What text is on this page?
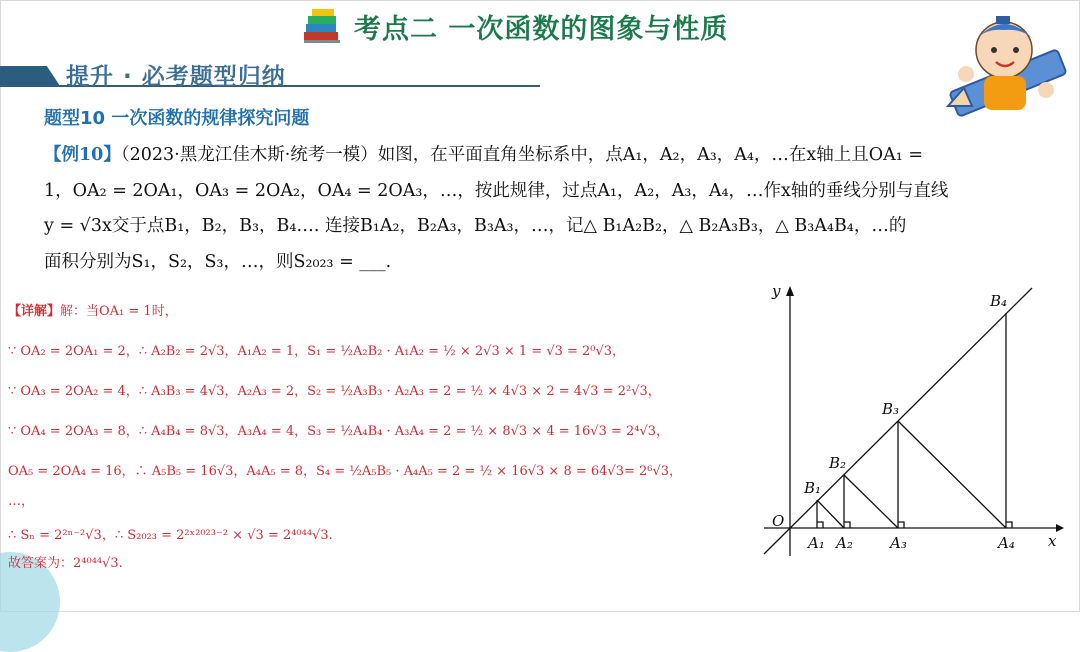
考点二 一次函数的图象与性质
提升 · 必考题型归纳
题型10 一次函数的规律探究问题
【例10】（2023·黑龙江佳木斯·统考一模）如图，在平面直角坐标系中，点A₁，A₂，A₃，A₄，…在x轴上且OA₁ =
1，OA₂ = 2OA₁，OA₃ = 2OA₂，OA₄ = 2OA₃，…，按此规律，过点A₁，A₂，A₃，A₄，…作x轴的垂线分别与直线
y = √3x交于点B₁，B₂，B₃，B₄…. 连接B₁A₂，B₂A₃，B₃A₃，…，记△ B₁A₂B₂，△ B₂A₃B₃，△ B₃A₄B₄，…的
面积分别为S₁，S₂，S₃，…，则S₂₀₂₃ = ___.
【详解】解：当OA₁ = 1时，
∵ OA₂ = 2OA₁ = 2，∴ A₂B₂ = 2√3，A₁A₂ = 1，S₁ = ½A₂B₂ · A₁A₂ = ½ × 2√3 × 1 = √3 = 2⁰√3，
∵ OA₃ = 2OA₂ = 4，∴ A₃B₃ = 4√3，A₂A₃ = 2，S₂ = ½A₃B₃ · A₂A₃ = 2 = ½ × 4√3 × 2 = 4√3 = 2²√3，
∵ OA₄ = 2OA₃ = 8，∴ A₄B₄ = 8√3，A₃A₄ = 4，S₃ = ½A₄B₄ · A₃A₄ = 2 = ½ × 8√3 × 4 = 16√3 = 2⁴√3，
OA₅ = 2OA₄ = 16，∴ A₅B₅ = 16√3，A₄A₅ = 8，S₄ = ½A₅B₅ · A₄A₅ = 2 = ½ × 16√3 × 8 = 64√3= 2⁶√3，
…，
∴ Sₙ = 2²ⁿ⁻²√3，∴ S₂₀₂₃ = 2²ˣ²⁰²³⁻² × √3 = 2⁴⁰⁴⁴√3.
故答案为：2⁴⁰⁴⁴√3.
y
x
O
B₁
B₂
B₃
B₄
A₁ A₂ A₃	A₄
